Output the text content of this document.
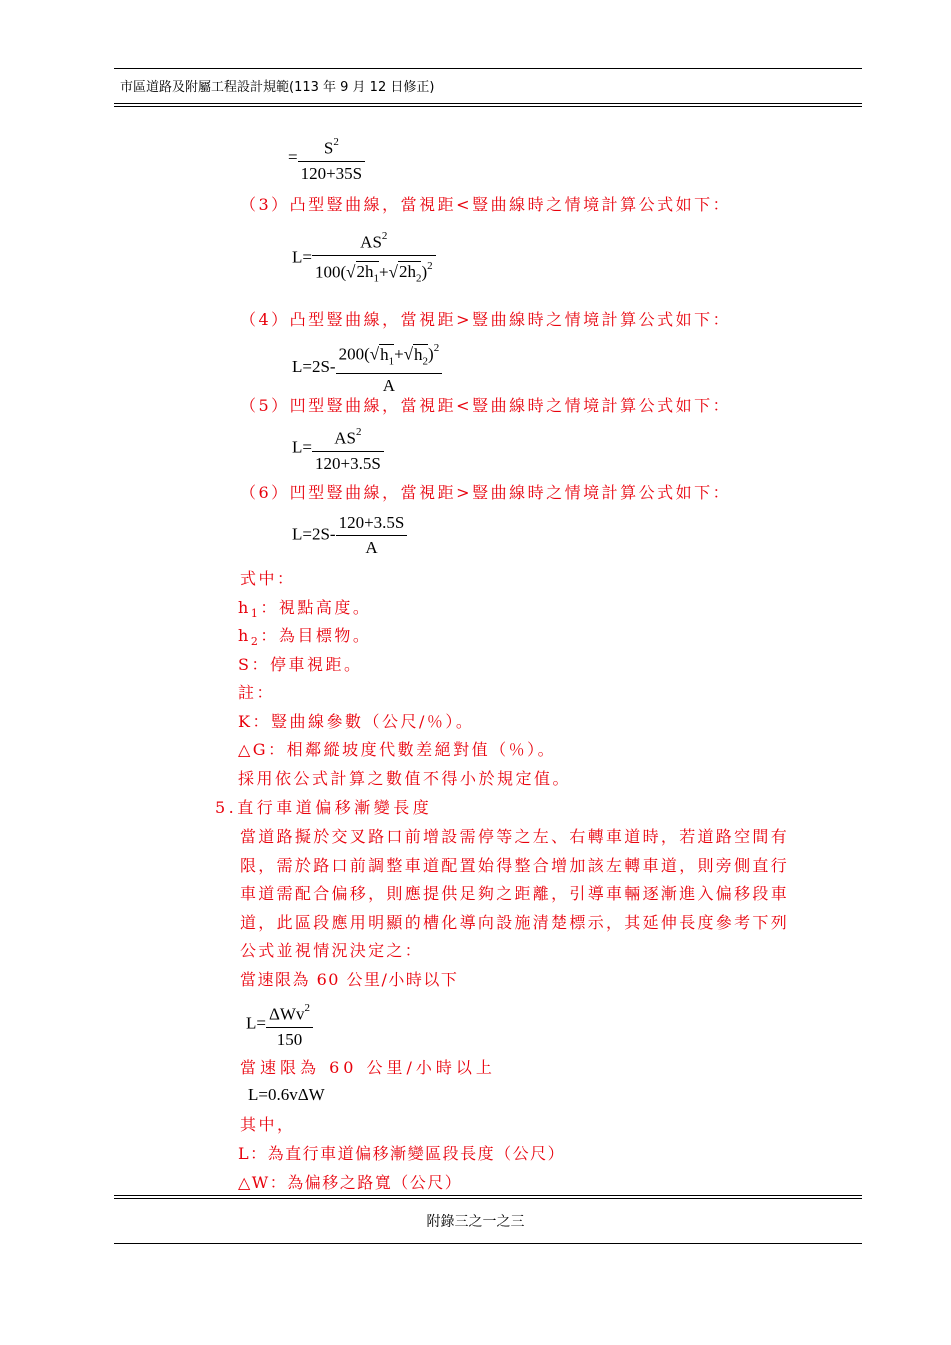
市區道路及附屬工程設計規範(113 年 9 月 12 日修正)
= $\frac{S^2}{120+35S}$
（3）凸型豎曲線，當視距<豎曲線時之情境計算公式如下：
$L= \frac{AS^2}{100(√2h_1+√2h_2)^2}$
（4）凸型豎曲線，當視距>豎曲線時之情境計算公式如下：
$L=2S- \frac{200(√h_1+√h_2)^2}{A}$
（5）凹型豎曲線，當視距<豎曲線時之情境計算公式如下：
$L= \frac{AS^2}{120+3.5S}$
（6）凹型豎曲線，當視距>豎曲線時之情境計算公式如下：
$L=2S- \frac{120+3.5S}{A}$
式中：
$h_1$：視點高度。
$h_2$：為目標物。
S：停車視距。
註：
K：豎曲線參數（公尺/％）。
△G：相鄰縱坡度代數差絕對值（％）。
採用依公式計算之數值不得小於規定值。
5.直行車道偏移漸變長度
當道路擬於交叉路口前增設需停等之左、右轉車道時，若道路空間有
限，需於路口前調整車道配置始得整合增加該左轉車道，則旁側直行
車道需配合偏移，則應提供足夠之距離，引導車輛逐漸進入偏移段車
道，此區段應用明顯的槽化導向設施清楚標示，其延伸長度參考下列
公式並視情況決定之：
當速限為 60 公里/小時以下
$L= \frac{\Delta Wv^2}{150}$
當速限為 60 公里/小時以上
L=0.6vΔW
其中，
L：為直行車道偏移漸變區段長度（公尺）
△W：為偏移之路寬（公尺）
附錄三之一之三
